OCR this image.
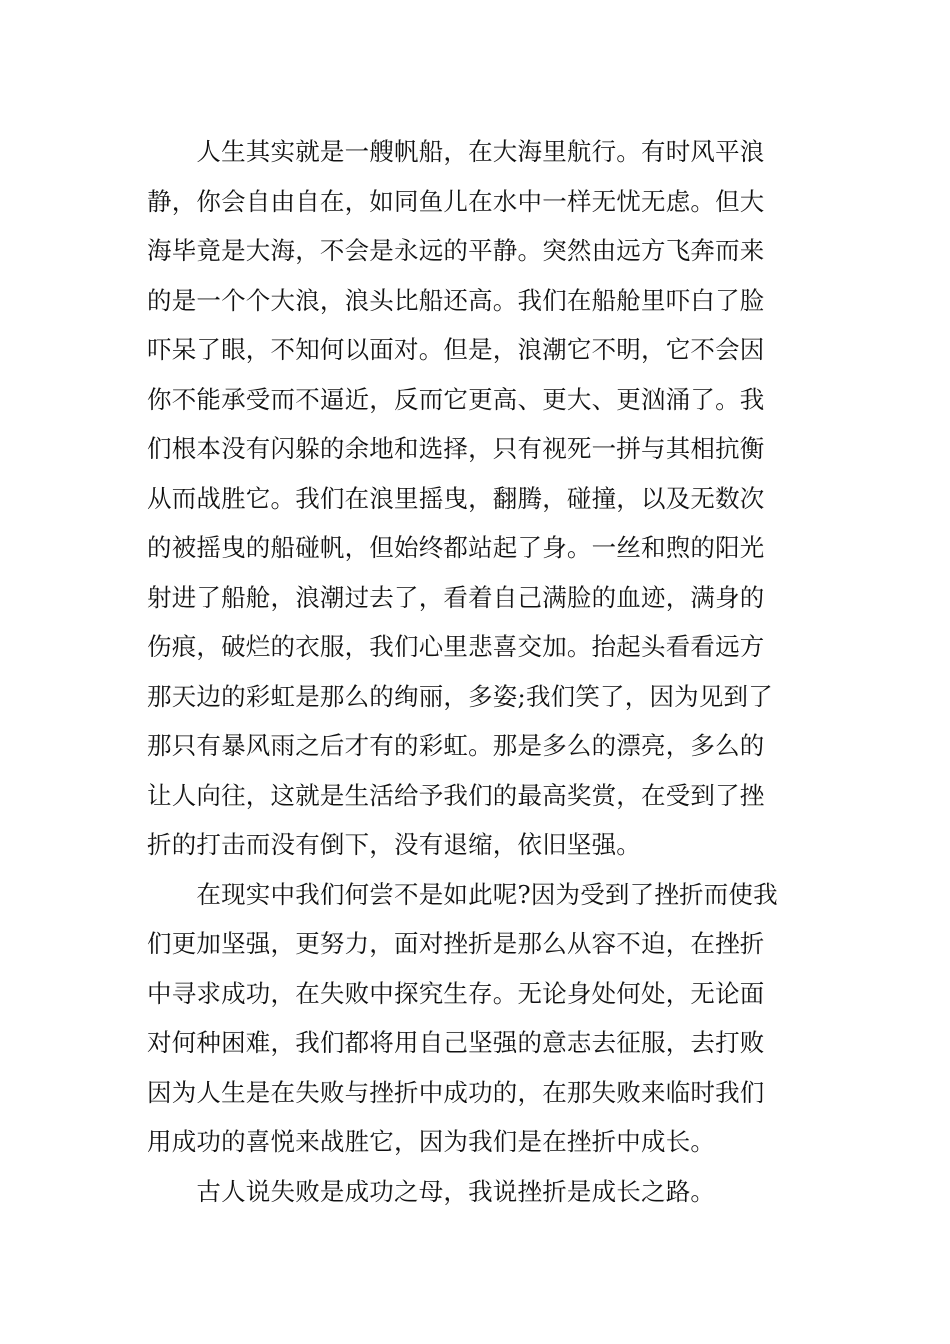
　　人生其实就是一艘帆船，在大海里航行。有时风平浪
静，你会自由自在，如同鱼儿在水中一样无忧无虑。但大
海毕竟是大海，不会是永远的平静。突然由远方飞奔而来
的是一个个大浪，浪头比船还高。我们在船舱里吓白了脸
吓呆了眼，不知何以面对。但是，浪潮它不明，它不会因
你不能承受而不逼近，反而它更高、更大、更汹涌了。我
们根本没有闪躲的余地和选择，只有视死一拼与其相抗衡
从而战胜它。我们在浪里摇曳，翻腾，碰撞，以及无数次
的被摇曳的船碰帆，但始终都站起了身。一丝和煦的阳光
射进了船舱，浪潮过去了，看着自己满脸的血迹，满身的
伤痕，破烂的衣服，我们心里悲喜交加。抬起头看看远方
那天边的彩虹是那么的绚丽，多姿;我们笑了，因为见到了
那只有暴风雨之后才有的彩虹。那是多么的漂亮，多么的
让人向往，这就是生活给予我们的最高奖赏，在受到了挫
折的打击而没有倒下，没有退缩，依旧坚强。
　　在现实中我们何尝不是如此呢?因为受到了挫折而使我
们更加坚强，更努力，面对挫折是那么从容不迫，在挫折
中寻求成功，在失败中探究生存。无论身处何处，无论面
对何种困难，我们都将用自己坚强的意志去征服，去打败
因为人生是在失败与挫折中成功的，在那失败来临时我们
用成功的喜悦来战胜它，因为我们是在挫折中成长。
　　古人说失败是成功之母，我说挫折是成长之路。
